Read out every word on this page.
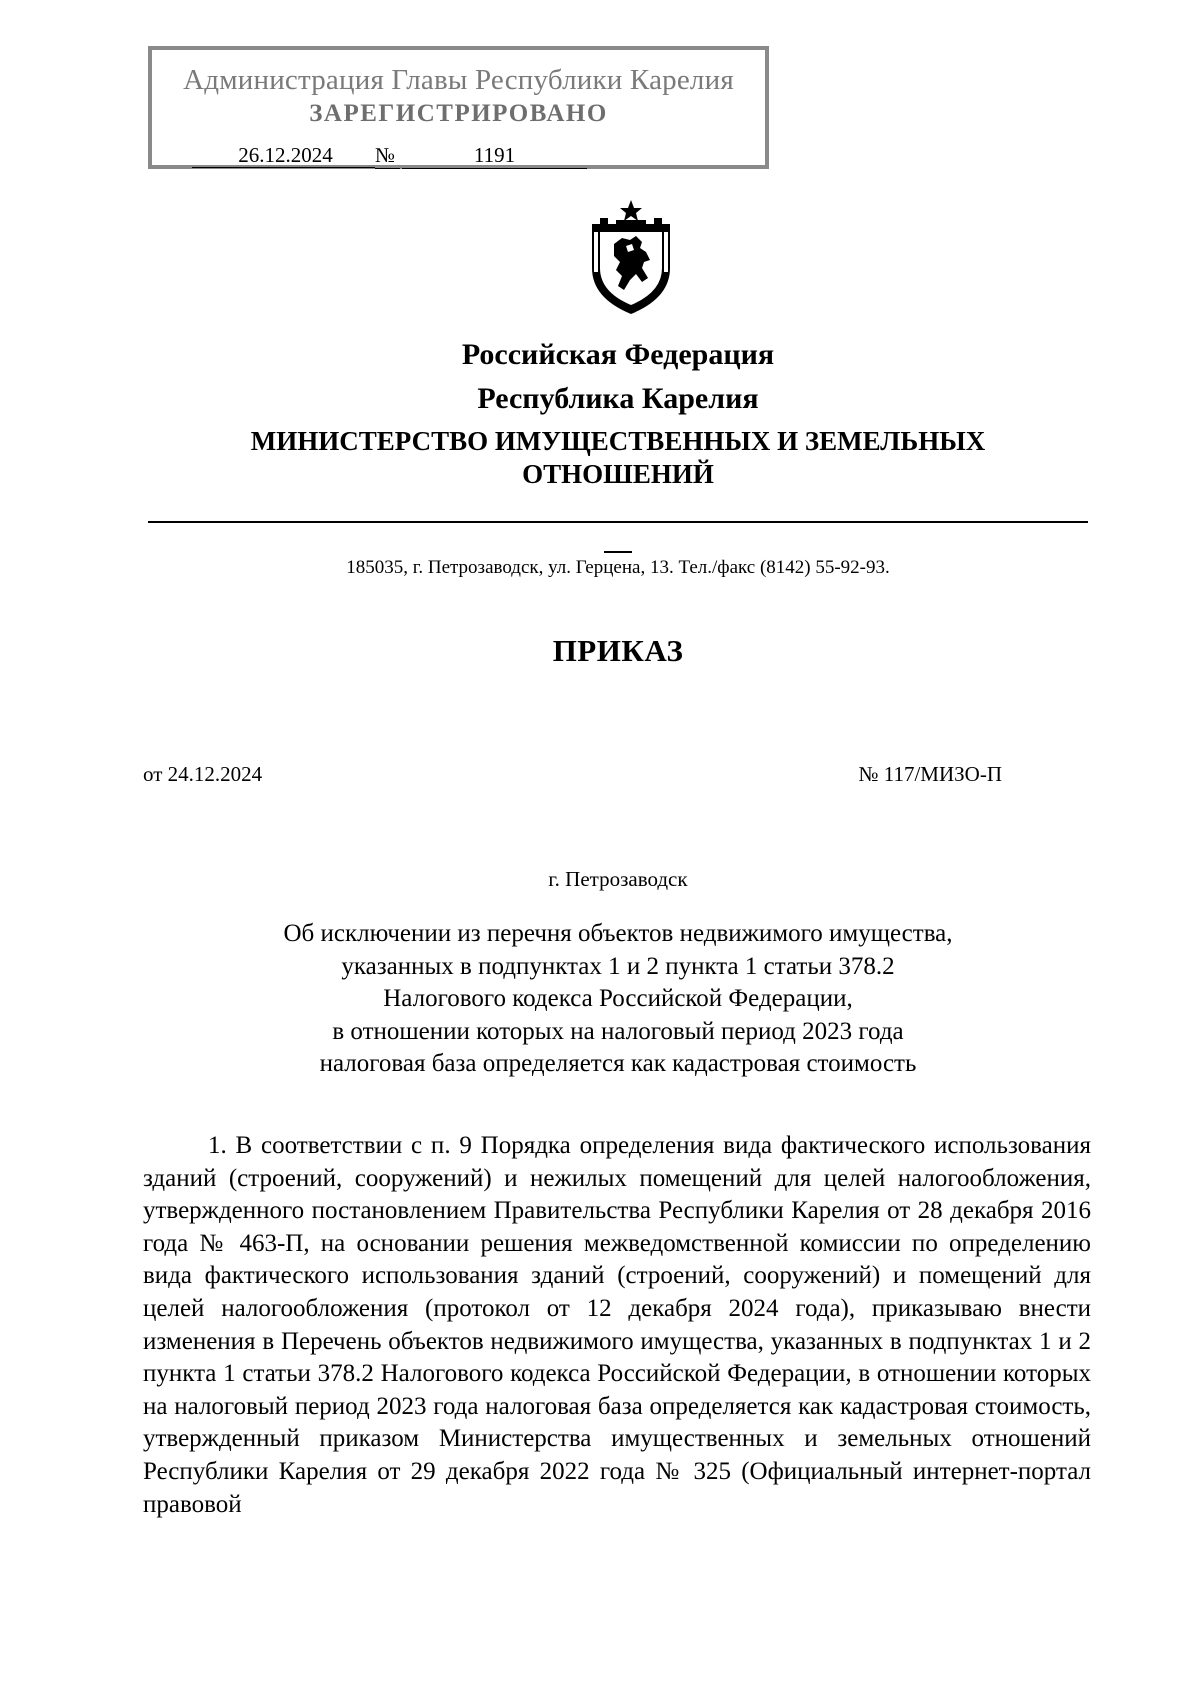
Администрация Главы Республики Карелия
ЗАРЕГИСТРИРОВАНО
26.12.2024	№	1191
Российская Федерация
Республика Карелия
МИНИСТЕРСТВО ИМУЩЕСТВЕННЫХ И ЗЕМЕЛЬНЫХ
ОТНОШЕНИЙ
185035, г. Петрозаводск, ул. Герцена, 13. Тел./факс (8142) 55-92-93.
ПРИКАЗ
от 24.12.2024	№ 117/МИЗО-П
г. Петрозаводск
Об исключении из перечня объектов недвижимого имущества,
указанных в подпунктах 1 и 2 пункта 1 статьи 378.2
Налогового кодекса Российской Федерации,
в отношении которых на налоговый период 2023 года
налоговая база определяется как кадастровая стоимость

1. В соответствии с п. 9 Порядка определения вида фактического использования зданий (строений, сооружений) и нежилых помещений для целей налогообложения, утвержденного постановлением Правительства Республики Карелия от 28 декабря 2016 года № 463-П, на основании решения межведомственной комиссии по определению вида фактического использования зданий (строений, сооружений) и помещений для целей налогообложения (протокол от 12 декабря 2024 года), приказываю внести изменения в Перечень объектов недвижимого имущества, указанных в подпунктах 1 и 2 пункта 1 статьи 378.2 Налогового кодекса Российской Федерации, в отношении которых на налоговый период 2023 года налоговая база определяется как кадастровая стоимость, утвержденный приказом Министерства имущественных и земельных отношений Республики Карелия от 29 декабря 2022 года № 325 (Официальный интернет-портал правовой
